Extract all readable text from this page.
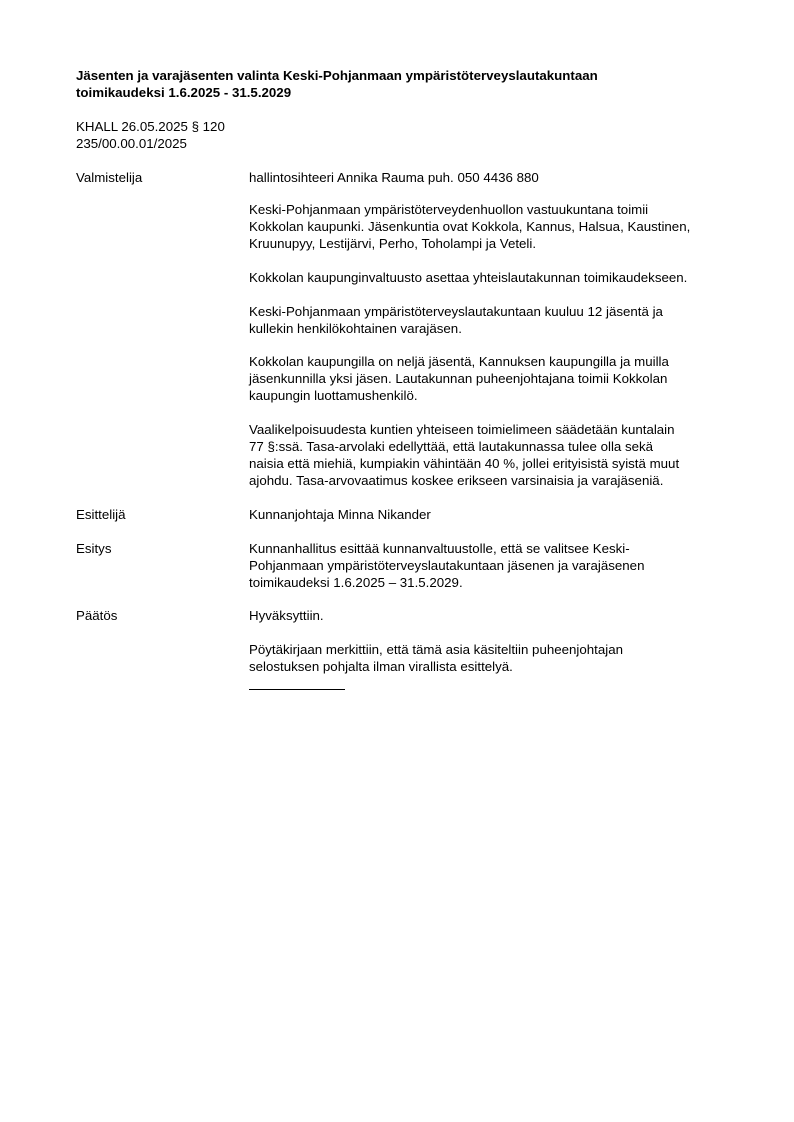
Jäsenten ja varajäsenten valinta Keski-Pohjanmaan ympäristöterveyslautakuntaan
toimikaudeksi 1.6.2025 - 31.5.2029
KHALL 26.05.2025 § 120
235/00.00.01/2025
Valmistelija	hallintosihteeri Annika Rauma puh. 050 4436 880
Keski-Pohjanmaan ympäristöterveydenhuollon vastuukuntana toimii
Kokkolan kaupunki. Jäsenkuntia ovat Kokkola, Kannus, Halsua, Kaustinen,
Kruunupyy, Lestijärvi, Perho, Toholampi ja Veteli.
Kokkolan kaupunginvaltuusto asettaa yhteislautakunnan toimikaudekseen.
Keski-Pohjanmaan ympäristöterveyslautakuntaan kuuluu 12 jäsentä ja
kullekin henkilökohtainen varajäsen.
Kokkolan kaupungilla on neljä jäsentä, Kannuksen kaupungilla ja muilla
jäsenkunnilla yksi jäsen. Lautakunnan puheenjohtajana toimii Kokkolan
kaupungin luottamushenkilö.
Vaalikelpoisuudesta kuntien yhteiseen toimielimeen säädetään kuntalain
77 §:ssä. Tasa-arvolaki edellyttää, että lautakunnassa tulee olla sekä
naisia että miehiä, kumpiakin vähintään 40 %, jollei erityisistä syistä muut
ajohdu. Tasa-arvovaatimus koskee erikseen varsinaisia ja varajäseniä.
Esittelijä	Kunnanjohtaja Minna Nikander
Esitys	Kunnanhallitus esittää kunnanvaltuustolle, että se valitsee Keski-
Pohjanmaan ympäristöterveyslautakuntaan jäsenen ja varajäsenen
toimikaudeksi 1.6.2025 – 31.5.2029.
Päätös	Hyväksyttiin.
Pöytäkirjaan merkittiin, että tämä asia käsiteltiin puheenjohtajan
selostuksen pohjalta ilman virallista esittelyä.
